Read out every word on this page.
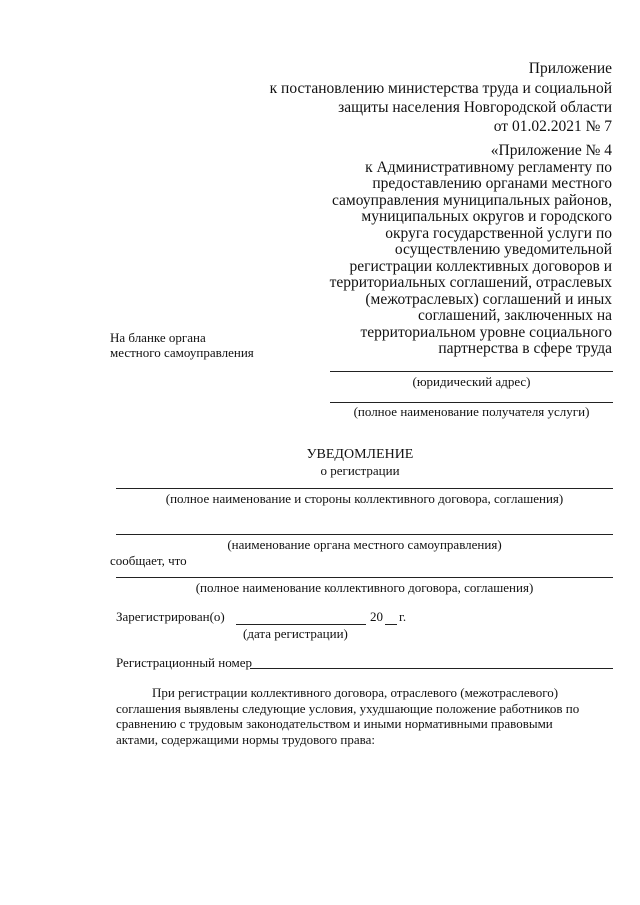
Приложение
к постановлению министерства труда и социальной
защиты населения Новгородской области
от 01.02.2021 № 7
«Приложение № 4
к Административному регламенту по
предоставлению органами местного
самоуправления муниципальных районов,
муниципальных округов и городского
округа государственной услуги по
осуществлению уведомительной
регистрации коллективных договоров и
территориальных соглашений, отраслевых
(межотраслевых) соглашений и иных
соглашений, заключенных на
территориальном уровне социального
партнерства в сфере труда
На бланке органа
местного самоуправления
(юридический адрес)
(полное наименование получателя услуги)
УВЕДОМЛЕНИЕ
о регистрации
(полное наименование и стороны коллективного договора, соглашения)
(наименование органа местного самоуправления)
сообщает, что
(полное наименование коллективного договора, соглашения)
Зарегистрирован(о)	20 г.
(дата регистрации)
Регистрационный номер
При регистрации коллективного договора, отраслевого (межотраслевого)
соглашения выявлены следующие условия, ухудшающие положение работников по
сравнению с трудовым законодательством и иными нормативными правовыми
актами, содержащими нормы трудового права:
